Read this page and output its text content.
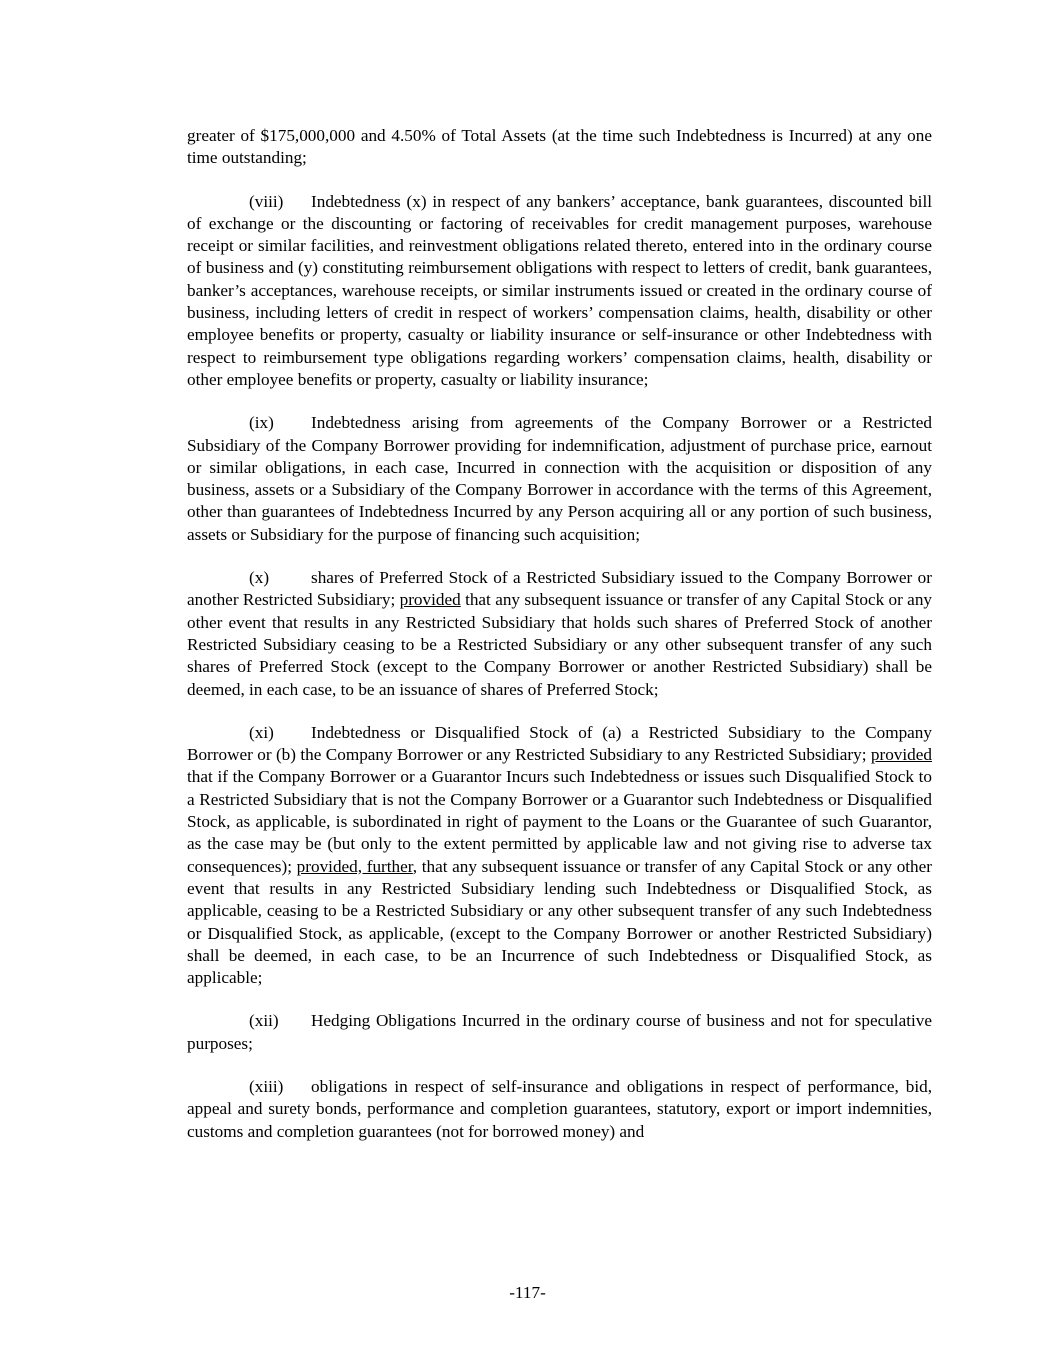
greater of $175,000,000 and 4.50% of Total Assets (at the time such Indebtedness is Incurred) at any one time outstanding;

(viii) Indebtedness (x) in respect of any bankers’ acceptance, bank guarantees, discounted bill of exchange or the discounting or factoring of receivables for credit management purposes, warehouse receipt or similar facilities, and reinvestment obligations related thereto, entered into in the ordinary course of business and (y) constituting reimbursement obligations with respect to letters of credit, bank guarantees, banker’s acceptances, warehouse receipts, or similar instruments issued or created in the ordinary course of business, including letters of credit in respect of workers’ compensation claims, health, disability or other employee benefits or property, casualty or liability insurance or self-insurance or other Indebtedness with respect to reimbursement type obligations regarding workers’ compensation claims, health, disability or other employee benefits or property, casualty or liability insurance;

(ix) Indebtedness arising from agreements of the Company Borrower or a Restricted Subsidiary of the Company Borrower providing for indemnification, adjustment of purchase price, earnout or similar obligations, in each case, Incurred in connection with the acquisition or disposition of any business, assets or a Subsidiary of the Company Borrower in accordance with the terms of this Agreement, other than guarantees of Indebtedness Incurred by any Person acquiring all or any portion of such business, assets or Subsidiary for the purpose of financing such acquisition;

(x) shares of Preferred Stock of a Restricted Subsidiary issued to the Company Borrower or another Restricted Subsidiary; provided that any subsequent issuance or transfer of any Capital Stock or any other event that results in any Restricted Subsidiary that holds such shares of Preferred Stock of another Restricted Subsidiary ceasing to be a Restricted Subsidiary or any other subsequent transfer of any such shares of Preferred Stock (except to the Company Borrower or another Restricted Subsidiary) shall be deemed, in each case, to be an issuance of shares of Preferred Stock;

(xi) Indebtedness or Disqualified Stock of (a) a Restricted Subsidiary to the Company Borrower or (b) the Company Borrower or any Restricted Subsidiary to any Restricted Subsidiary; provided that if the Company Borrower or a Guarantor Incurs such Indebtedness or issues such Disqualified Stock to a Restricted Subsidiary that is not the Company Borrower or a Guarantor such Indebtedness or Disqualified Stock, as applicable, is subordinated in right of payment to the Loans or the Guarantee of such Guarantor, as the case may be (but only to the extent permitted by applicable law and not giving rise to adverse tax consequences); provided, further, that any subsequent issuance or transfer of any Capital Stock or any other event that results in any Restricted Subsidiary lending such Indebtedness or Disqualified Stock, as applicable, ceasing to be a Restricted Subsidiary or any other subsequent transfer of any such Indebtedness or Disqualified Stock, as applicable, (except to the Company Borrower or another Restricted Subsidiary) shall be deemed, in each case, to be an Incurrence of such Indebtedness or Disqualified Stock, as applicable;

(xii) Hedging Obligations Incurred in the ordinary course of business and not for speculative purposes;

(xiii) obligations in respect of self-insurance and obligations in respect of performance, bid, appeal and surety bonds, performance and completion guarantees, statutory, export or import indemnities, customs and completion guarantees (not for borrowed money) and

-117-
